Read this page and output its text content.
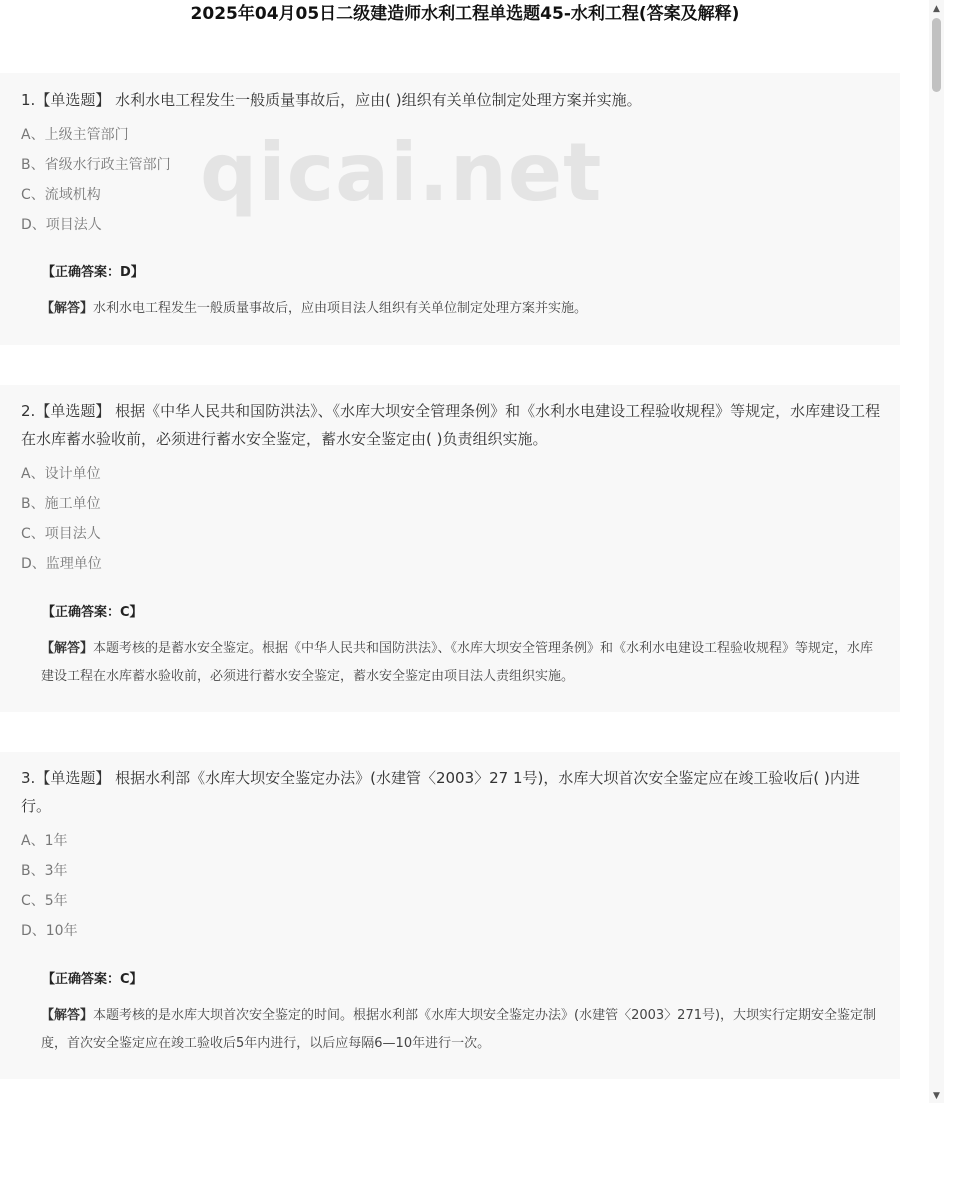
2025年04月05日二级建造师水利工程单选题45-水利工程(答案及解释)
qicai.net
1.【单选题】 水利水电工程发生一般质量事故后，应由( )组织有关单位制定处理方案并实施。
A、上级主管部门
B、省级水行政主管部门
C、流域机构
D、项目法人
【正确答案：D】
【解答】水利水电工程发生一般质量事故后，应由项目法人组织有关单位制定处理方案并实施。
2.【单选题】 根据《中华人民共和国防洪法》、《水库大坝安全管理条例》和《水利水电建设工程验收规程》等规定，水库建设工程在水库蓄水验收前，必须进行蓄水安全鉴定，蓄水安全鉴定由( )负责组织实施。
A、设计单位
B、施工单位
C、项目法人
D、监理单位
【正确答案：C】
【解答】本题考核的是蓄水安全鉴定。根据《中华人民共和国防洪法》、《水库大坝安全管理条例》和《水利水电建设工程验收规程》等规定，水库建设工程在水库蓄水验收前，必须进行蓄水安全鉴定，蓄水安全鉴定由项目法人责组织实施。
3.【单选题】 根据水利部《水库大坝安全鉴定办法》(水建管〈2003〉27 1号)，水库大坝首次安全鉴定应在竣工验收后( )内进行。
A、1年
B、3年
C、5年
D、10年
【正确答案：C】
【解答】本题考核的是水库大坝首次安全鉴定的时间。根据水利部《水库大坝安全鉴定办法》(水建管〈2003〉271号)，大坝实行定期安全鉴定制度，首次安全鉴定应在竣工验收后5年内进行，以后应每隔6—10年进行一次。
▲
▼
